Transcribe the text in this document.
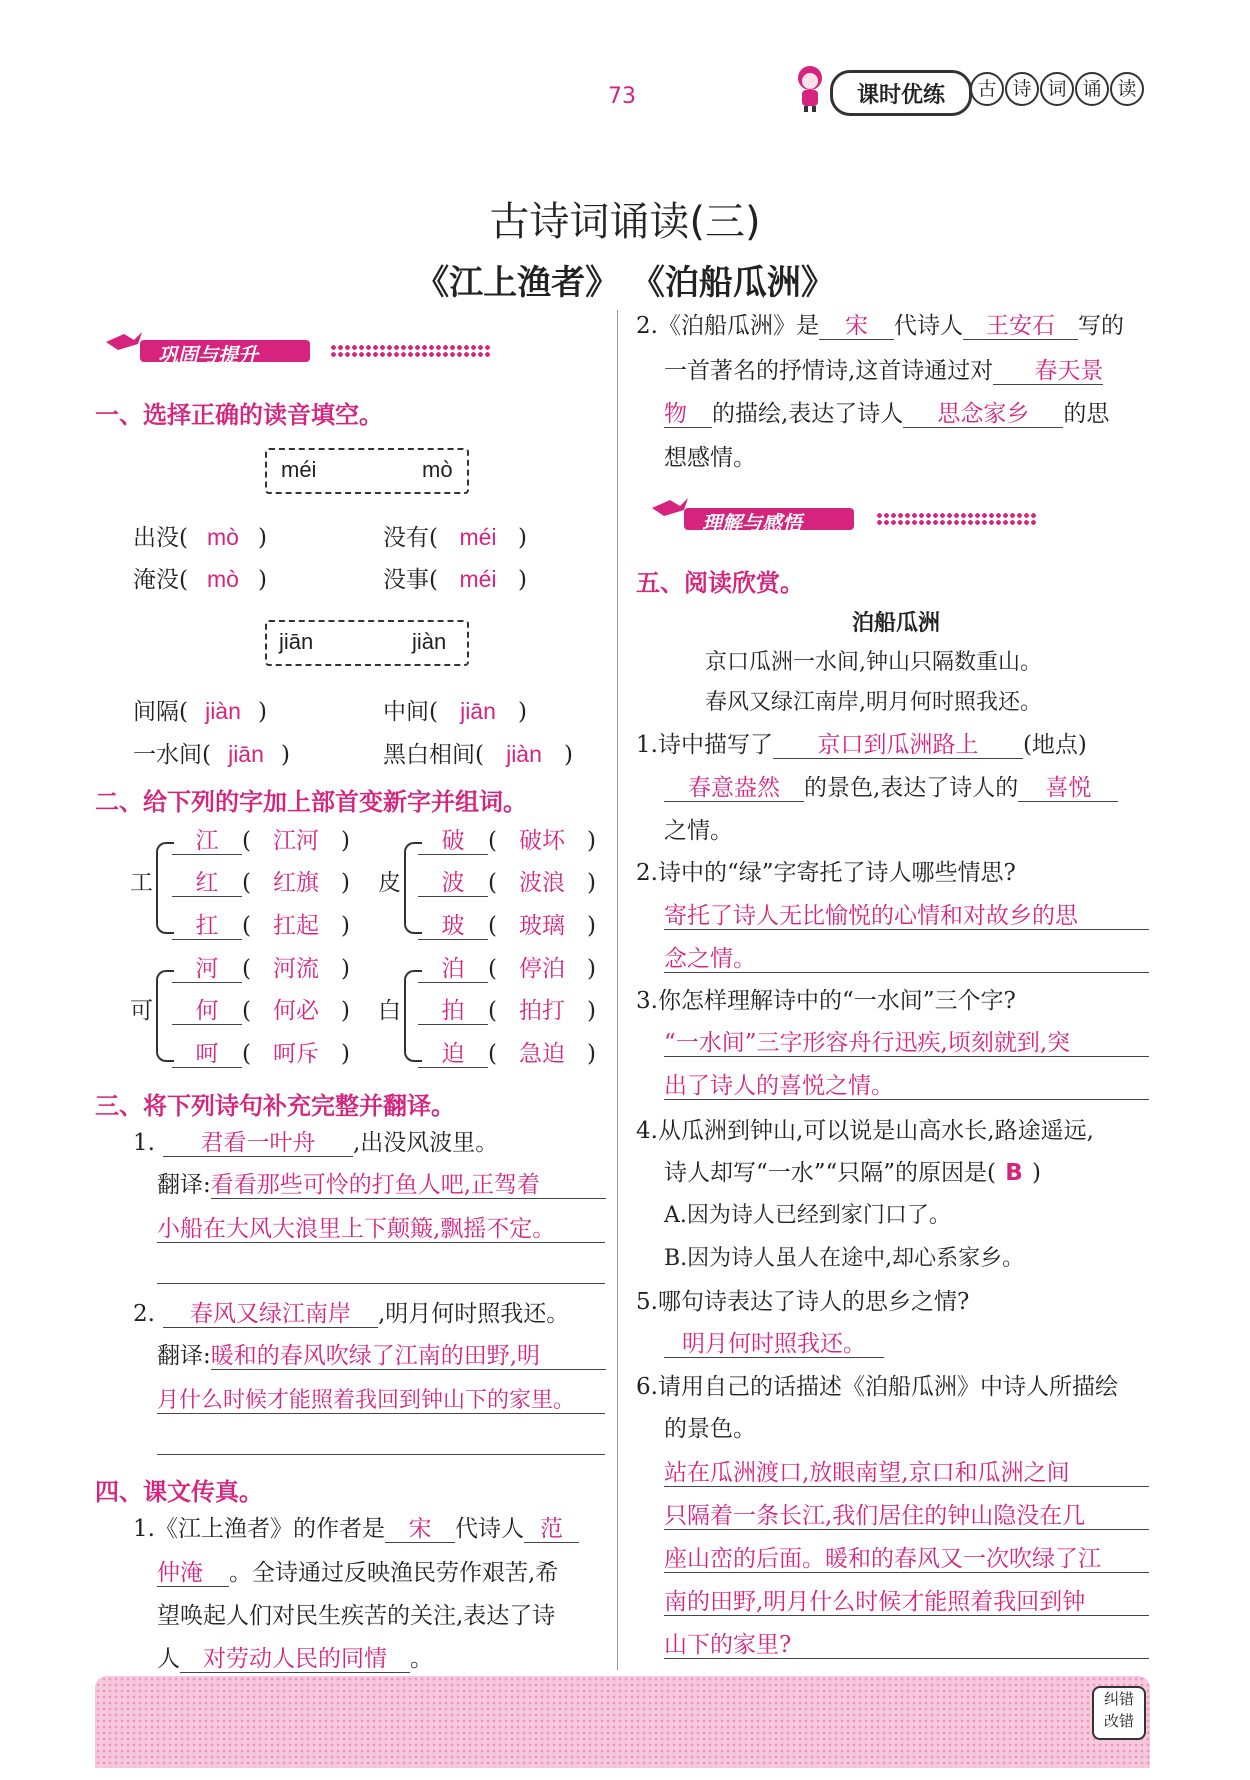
73	课时优练	古 诗 词 诵 读
古诗词诵读(三)
《江上渔者》 《泊船瓜洲》
巩固与提升
一、选择正确的读音填空。
méi	mò
出没( mò )	没有( méi )
淹没( mò )	没事( méi )
jiān	jiàn
间隔( jiàn )	中间( jiān )
一水间( jiān )	黑白相间( jiàn )
二、给下列的字加上部首变新字并组词。
工
江 ( 江河 )
红 ( 红旗 )
扛 ( 扛起 )
皮
破 ( 破坏 )
波 ( 波浪 )
玻 ( 玻璃 )
可
河 ( 河流 )
何 ( 何必 )
呵 ( 呵斥 )
白
泊 ( 停泊 )
拍 ( 拍打 )
迫 ( 急迫 )
三、将下列诗句补充完整并翻译。
1. 君看一叶舟 ,出没风波里。
翻译:看看那些可怜的打鱼人吧,正驾着
小船在大风大浪里上下颠簸,飘摇不定。
2. 春风又绿江南岸 ,明月何时照我还。
翻译:暖和的春风吹绿了江南的田野,明
月什么时候才能照着我回到钟山下的家里。
四、课文传真。
1.《江上渔者》的作者是 宋 代诗人 范
仲淹 。全诗通过反映渔民劳作艰苦,希
望唤起人们对民生疾苦的关注,表达了诗
人 对劳动人民的同情 。
2.《泊船瓜洲》是 宋 代诗人 王安石 写的
一首著名的抒情诗,这首诗通过对 春天景
物 的描绘,表达了诗人 思念家乡 的思
想感情。
理解与感悟
五、阅读欣赏。
泊船瓜洲
京口瓜洲一水间,钟山只隔数重山。
春风又绿江南岸,明月何时照我还。
1.诗中描写了 京口到瓜洲路上 (地点)
春意盎然 的景色,表达了诗人的 喜悦
之情。
2.诗中的“绿”字寄托了诗人哪些情思?
寄托了诗人无比愉悦的心情和对故乡的思
念之情。
3.你怎样理解诗中的“一水间”三个字?
“一水间”三字形容舟行迅疾,顷刻就到,突
出了诗人的喜悦之情。
4.从瓜洲到钟山,可以说是山高水长,路途遥远,
诗人却写“一水”“只隔”的原因是( B )
A.因为诗人已经到家门口了。
B.因为诗人虽人在途中,却心系家乡。
5.哪句诗表达了诗人的思乡之情?
明月何时照我还。
6.请用自己的话描述《泊船瓜洲》中诗人所描绘
的景色。
站在瓜洲渡口,放眼南望,京口和瓜洲之间
只隔着一条长江,我们居住的钟山隐没在几
座山峦的后面。暖和的春风又一次吹绿了江
南的田野,明月什么时候才能照着我回到钟
山下的家里?
纠错
改错
